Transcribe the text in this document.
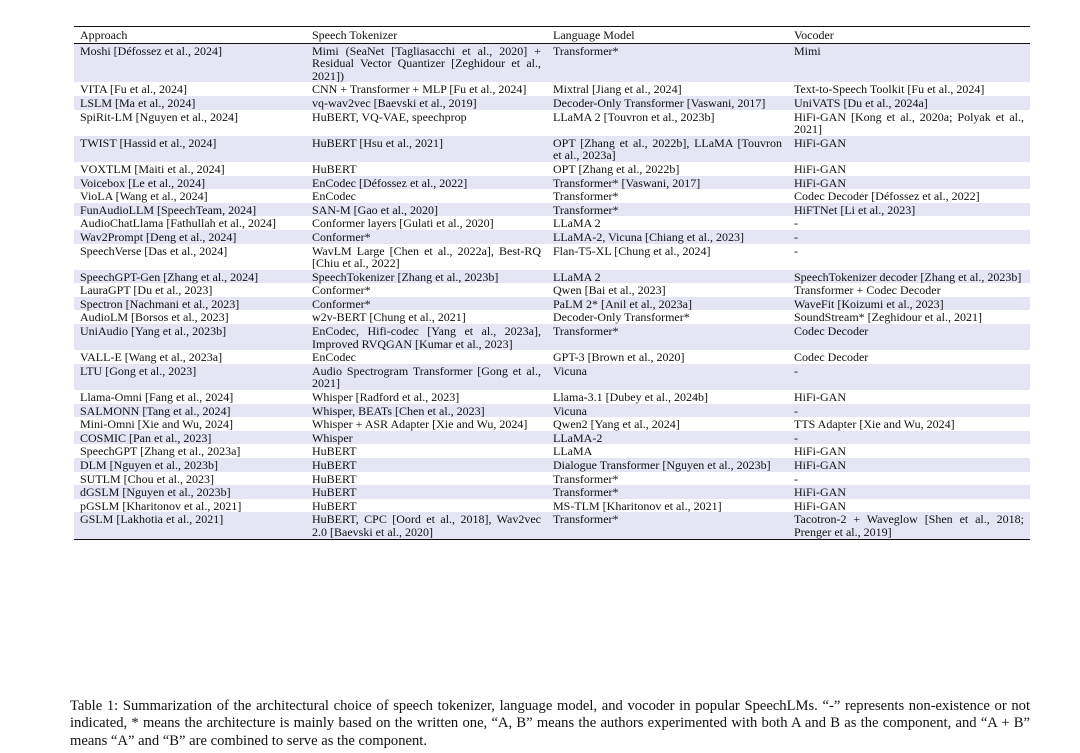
Approach	Speech Tokenizer	Language Model	Vocoder
Moshi [Défossez et al., 2024]	Mimi (SeaNet [Tagliasacchi et al., 2020] + Residual Vector Quantizer [Zeghidour et al., 2021])	Transformer*	Mimi
VITA [Fu et al., 2024]	CNN + Transformer + MLP [Fu et al., 2024]	Mixtral [Jiang et al., 2024]	Text-to-Speech Toolkit [Fu et al., 2024]
LSLM [Ma et al., 2024]	vq-wav2vec [Baevski et al., 2019]	Decoder-Only Transformer [Vaswani, 2017]	UniVATS [Du et al., 2024a]
SpiRit-LM [Nguyen et al., 2024]	HuBERT, VQ-VAE, speechprop	LLaMA 2 [Touvron et al., 2023b]	HiFi-GAN [Kong et al., 2020a; Polyak et al., 2021]
TWIST [Hassid et al., 2024]	HuBERT [Hsu et al., 2021]	OPT [Zhang et al., 2022b], LLaMA [Touvron et al., 2023a]	HiFi-GAN
VOXTLM [Maiti et al., 2024]	HuBERT	OPT [Zhang et al., 2022b]	HiFi-GAN
Voicebox [Le et al., 2024]	EnCodec [Défossez et al., 2022]	Transformer* [Vaswani, 2017]	HiFi-GAN
VioLA [Wang et al., 2024]	EnCodec	Transformer*	Codec Decoder [Défossez et al., 2022]
FunAudioLLM [SpeechTeam, 2024]	SAN-M [Gao et al., 2020]	Transformer*	HiFTNet [Li et al., 2023]
AudioChatLlama [Fathullah et al., 2024]	Conformer layers [Gulati et al., 2020]	LLaMA 2	-
Wav2Prompt [Deng et al., 2024]	Conformer*	LLaMA-2, Vicuna [Chiang et al., 2023]	-
SpeechVerse [Das et al., 2024]	WavLM Large [Chen et al., 2022a], Best-RQ [Chiu et al., 2022]	Flan-T5-XL [Chung et al., 2024]	-
SpeechGPT-Gen [Zhang et al., 2024]	SpeechTokenizer [Zhang et al., 2023b]	LLaMA 2	SpeechTokenizer decoder [Zhang et al., 2023b]
LauraGPT [Du et al., 2023]	Conformer*	Qwen [Bai et al., 2023]	Transformer + Codec Decoder
Spectron [Nachmani et al., 2023]	Conformer*	PaLM 2* [Anil et al., 2023a]	WaveFit [Koizumi et al., 2023]
AudioLM [Borsos et al., 2023]	w2v-BERT [Chung et al., 2021]	Decoder-Only Transformer*	SoundStream* [Zeghidour et al., 2021]
UniAudio [Yang et al., 2023b]	EnCodec, Hifi-codec [Yang et al., 2023a], Improved RVQGAN [Kumar et al., 2023]	Transformer*	Codec Decoder
VALL-E [Wang et al., 2023a]	EnCodec	GPT-3 [Brown et al., 2020]	Codec Decoder
LTU [Gong et al., 2023]	Audio Spectrogram Transformer [Gong et al., 2021]	Vicuna	-
Llama-Omni [Fang et al., 2024]	Whisper [Radford et al., 2023]	Llama-3.1 [Dubey et al., 2024b]	HiFi-GAN
SALMONN [Tang et al., 2024]	Whisper, BEATs [Chen et al., 2023]	Vicuna	-
Mini-Omni [Xie and Wu, 2024]	Whisper + ASR Adapter [Xie and Wu, 2024]	Qwen2 [Yang et al., 2024]	TTS Adapter [Xie and Wu, 2024]
COSMIC [Pan et al., 2023]	Whisper	LLaMA-2	-
SpeechGPT [Zhang et al., 2023a]	HuBERT	LLaMA	HiFi-GAN
DLM [Nguyen et al., 2023b]	HuBERT	Dialogue Transformer [Nguyen et al., 2023b]	HiFi-GAN
SUTLM [Chou et al., 2023]	HuBERT	Transformer*	-
dGSLM [Nguyen et al., 2023b]	HuBERT	Transformer*	HiFi-GAN
pGSLM [Kharitonov et al., 2021]	HuBERT	MS-TLM [Kharitonov et al., 2021]	HiFi-GAN
GSLM [Lakhotia et al., 2021]	HuBERT, CPC [Oord et al., 2018], Wav2vec 2.0 [Baevski et al., 2020]	Transformer*	Tacotron-2 + Waveglow [Shen et al., 2018; Prenger et al., 2019]

Table 1: Summarization of the architectural choice of speech tokenizer, language model, and vocoder in popular SpeechLMs. “-” represents non-existence or not indicated, * means the architecture is mainly based on the written one, “A, B” means the authors experimented with both A and B as the component, and “A + B” means “A” and “B” are combined to serve as the component.
